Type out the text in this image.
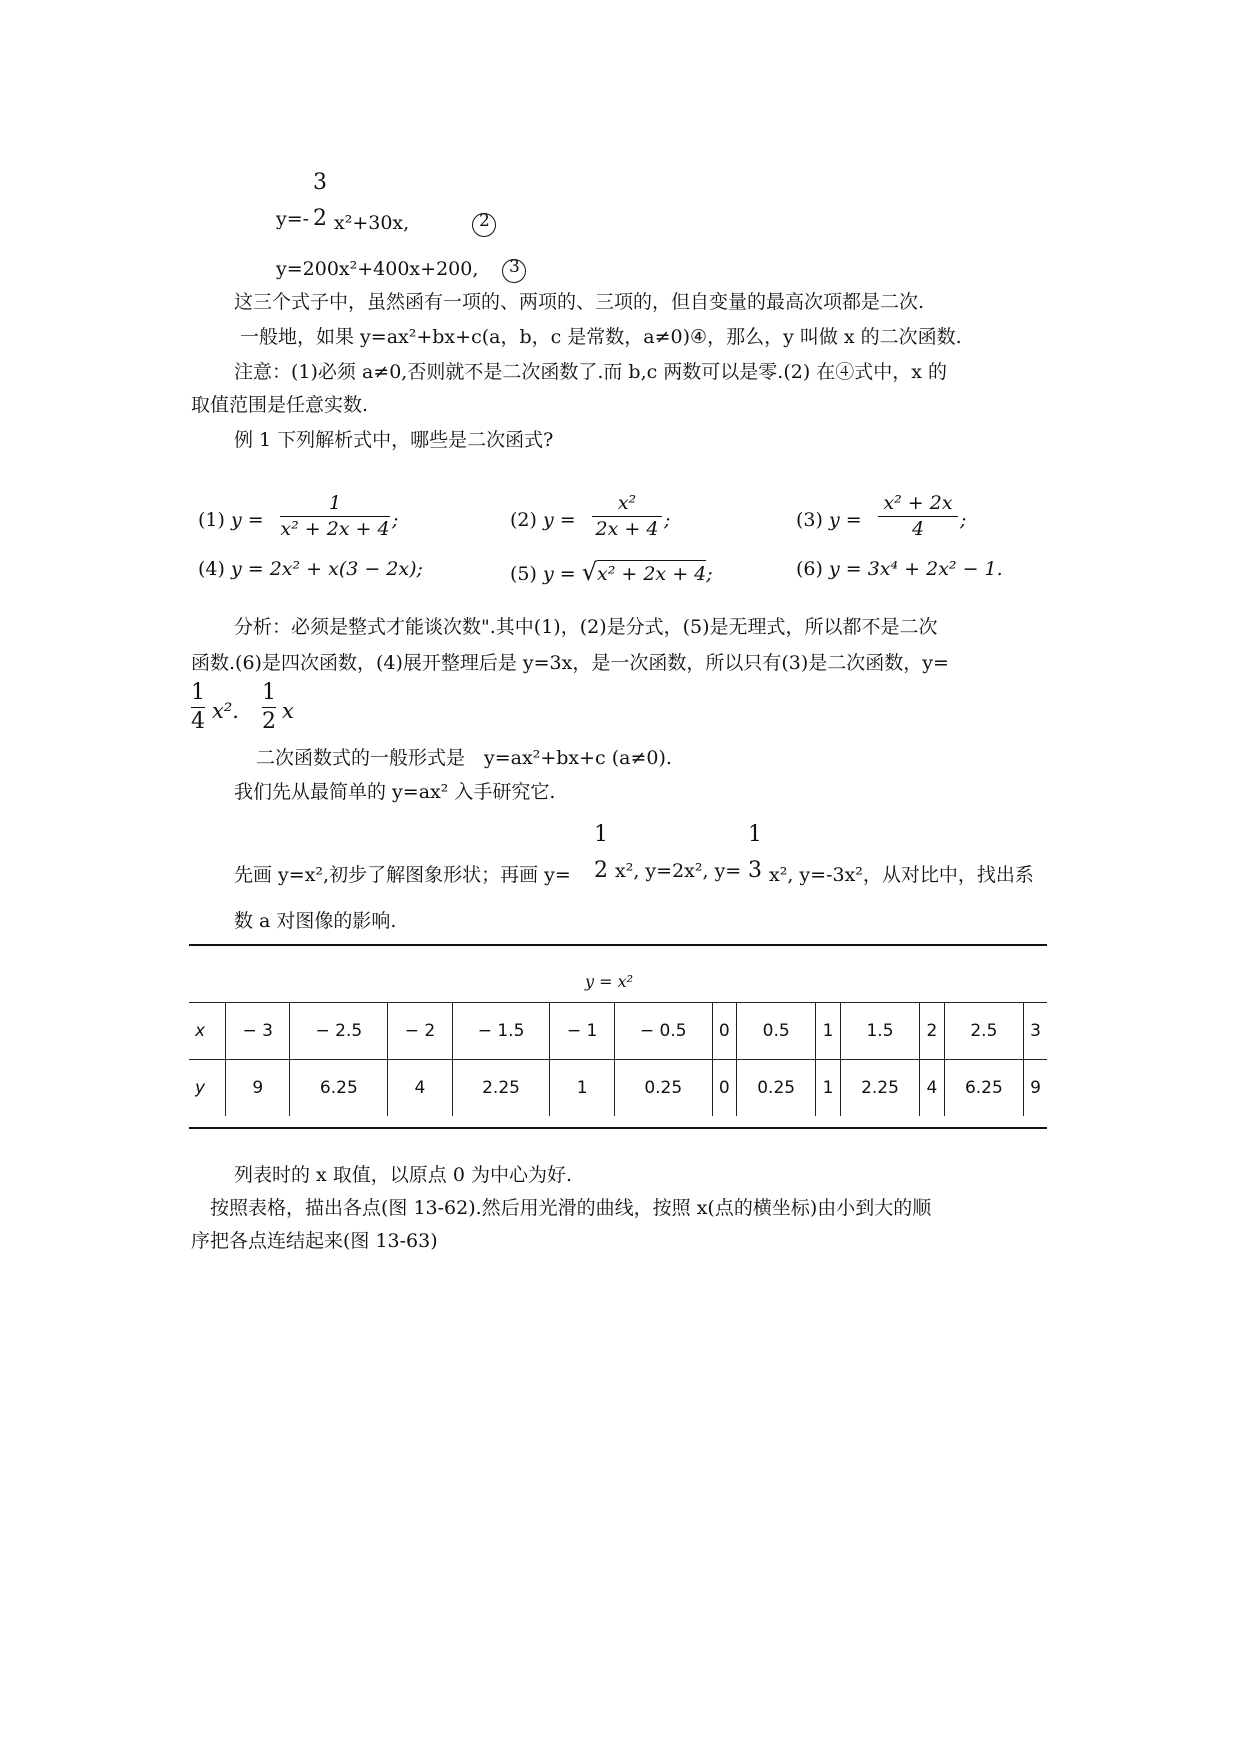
y=-
3
2 x²+30x,	2
y=200x²+400x+200, 3
这三个式子中，虽然函有一项的、两项的、三项的，但自变量的最高次项都是二次.
一般地，如果 y=ax²+bx+c(a，b，c 是常数，a≠0)④，那么，y 叫做 x 的二次函数.
注意：(1)必须 a≠0,否则就不是二次函数了.而 b,c 两数可以是零.(2) 在④式中，x 的
取值范围是任意实数.
例 1 下列解析式中，哪些是二次函式?
(1) y =
1
x² + 2x + 4 ;	(2) y =
x²
2x + 4 ;	(3) y =
x² + 2x
4	;
(4) y = 2x² + x(3 − 2x);	(5) y = √x² + 2x + 4;	(6) y = 3x⁴ + 2x² − 1.
分析：必须是整式才能谈次数".其中(1)，(2)是分式，(5)是无理式，所以都不是二次
函数.(6)是四次函数，(4)展开整理后是 y=3x，是一次函数，所以只有(3)是二次函数，y=
1
4 x².
1
2 x
二次函数式的一般形式是　y=ax²+bx+c (a≠0).
我们先从最简单的 y=ax² 入手研究它.
先画 y=x²,初步了解图象形状；再画 y=
1
2 x², y=2x², y=
1
3 x², y=-3x²，从对比中，找出系
数 a 对图像的影响.
y = x²
x	− 3	− 2.5	− 2	− 1.5	− 1	− 0.5	0	0.5	1	1.5	2	2.5	3
y	9	6.25	4	2.25	1	0.25	0	0.25	1	2.25	4	6.25	9
列表时的 x 取值，以原点 0 为中心为好.
按照表格，描出各点(图 13-62).然后用光滑的曲线，按照 x(点的横坐标)由小到大的顺
序把各点连结起来(图 13-63)
